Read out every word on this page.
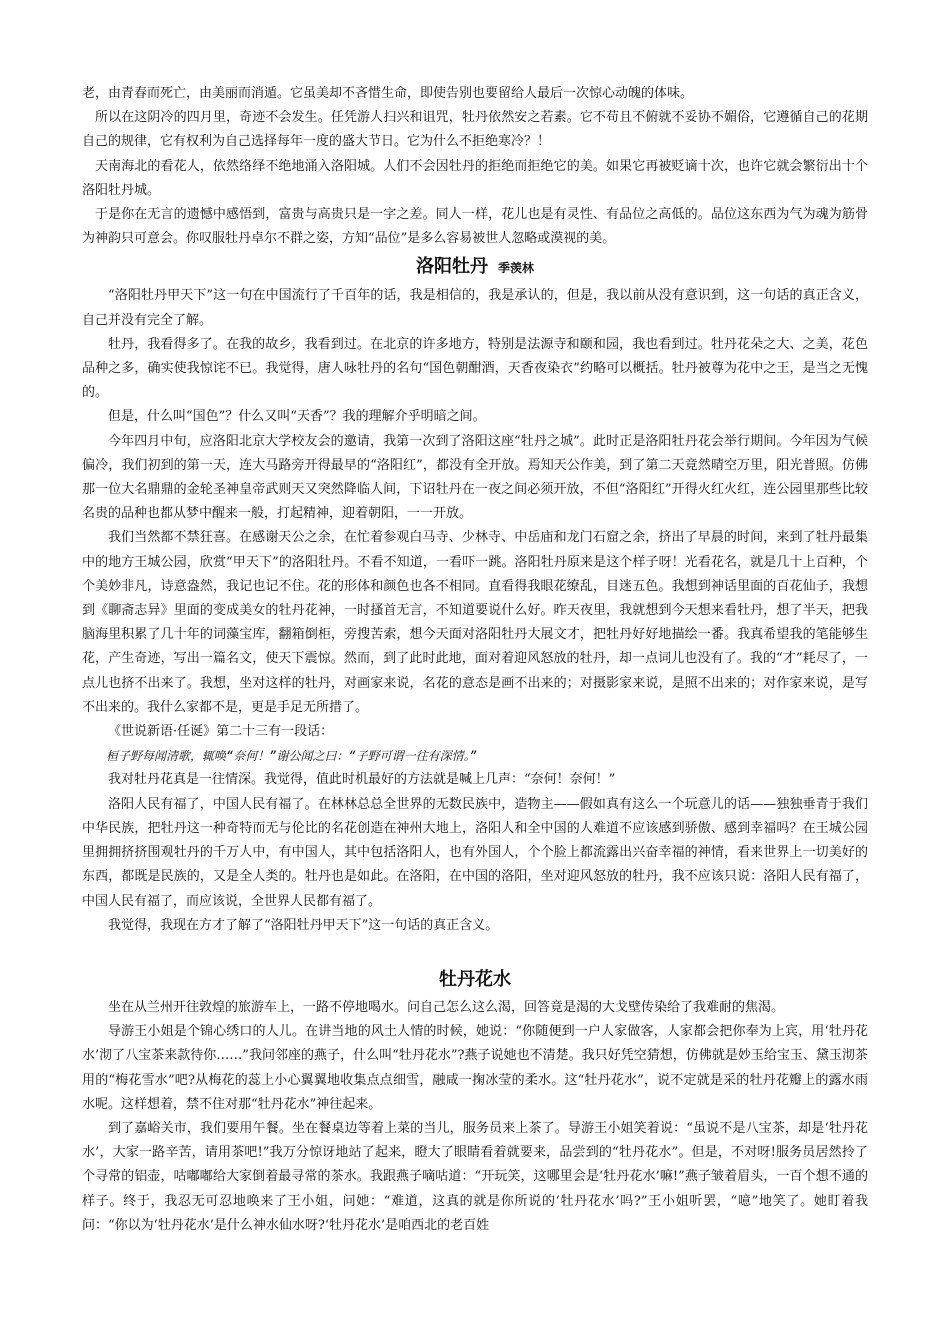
老，由青春而死亡，由美丽而消遁。它虽美却不吝惜生命，即使告别也要留给人最后一次惊心动魄的体味。

所以在这阴冷的四月里，奇迹不会发生。任凭游人扫兴和诅咒，牡丹依然安之若素。它不苟且不俯就不妥协不媚俗，它遵循自己的花期自己的规律，它有权利为自己选择每年一度的盛大节日。它为什么不拒绝寒冷？！

天南海北的看花人，依然络绎不绝地涌入洛阳城。人们不会因牡丹的拒绝而拒绝它的美。如果它再被贬谪十次，也许它就会繁衍出十个洛阳牡丹城。

于是你在无言的遗憾中感悟到，富贵与高贵只是一字之差。同人一样，花儿也是有灵性、有品位之高低的。品位这东西为气为魂为筋骨为神韵只可意会。你叹服牡丹卓尔不群之姿，方知“品位”是多么容易被世人忽略或漠视的美。

洛阳牡丹 季羡林

“洛阳牡丹甲天下”这一句在中国流行了千百年的话，我是相信的，我是承认的，但是，我以前从没有意识到，这一句话的真正含义，自己并没有完全了解。

牡丹，我看得多了。在我的故乡，我看到过。在北京的许多地方，特别是法源寺和颐和园，我也看到过。牡丹花朵之大、之美，花色品种之多，确实使我惊诧不已。我觉得，唐人咏牡丹的名句“国色朝酣酒，天香夜染衣”约略可以概括。牡丹被尊为花中之王，是当之无愧的。

但是，什么叫“国色”？什么又叫“天香”？我的理解介乎明暗之间。

今年四月中旬，应洛阳北京大学校友会的邀请，我第一次到了洛阳这座“牡丹之城”。此时正是洛阳牡丹花会举行期间。今年因为气候偏冷，我们初到的第一天，连大马路旁开得最早的“洛阳红”，都没有全开放。焉知天公作美，到了第二天竟然晴空万里，阳光普照。仿佛那一位大名鼎鼎的金轮圣神皇帝武则天又突然降临人间，下诏牡丹在一夜之间必须开放，不但“洛阳红”开得火红火红，连公园里那些比较名贵的品种也都从梦中醒来一般，打起精神，迎着朝阳，一一开放。

我们当然都不禁狂喜。在感谢天公之余，在忙着参观白马寺、少林寺、中岳庙和龙门石窟之余，挤出了早晨的时间，来到了牡丹最集中的地方王城公园，欣赏“甲天下”的洛阳牡丹。不看不知道，一看吓一跳。洛阳牡丹原来是这个样子呀！光看花名，就是几十上百种，个个美妙非凡，诗意盎然，我记也记不住。花的形体和颜色也各不相同。直看得我眼花缭乱，目迷五色。我想到神话里面的百花仙子，我想到《聊斋志异》里面的变成美女的牡丹花神，一时搔首无言，不知道要说什么好。昨天夜里，我就想到今天想来看牡丹，想了半天，把我脑海里积累了几十年的词藻宝库，翻箱倒柜，旁搜苦索，想今天面对洛阳牡丹大展文才，把牡丹好好地描绘一番。我真希望我的笔能够生花，产生奇迹，写出一篇名文，使天下震惊。然而，到了此时此地，面对着迎风怒放的牡丹，却一点词儿也没有了。我的“才”耗尽了，一点儿也挤不出来了。我想，坐对这样的牡丹，对画家来说，名花的意态是画不出来的；对摄影家来说，是照不出来的；对作家来说，是写不出来的。我什么家都不是，更是手足无所措了。

《世说新语·任诞》第二十三有一段话：

桓子野每闻清歌，辄唤“奈何！”谢公闻之曰：“子野可谓一往有深情。”

我对牡丹花真是一往情深。我觉得，值此时机最好的方法就是喊上几声：“奈何！奈何！”

洛阳人民有福了，中国人民有福了。在林林总总全世界的无数民族中，造物主——假如真有这么一个玩意儿的话——独独垂青于我们中华民族，把牡丹这一种奇特而无与伦比的名花创造在神州大地上，洛阳人和全中国的人难道不应该感到骄傲、感到幸福吗？在王城公园里拥拥挤挤围观牡丹的千万人中，有中国人，其中包括洛阳人，也有外国人，个个脸上都流露出兴奋幸福的神情，看来世界上一切美好的东西，都既是民族的，又是全人类的。牡丹也是如此。在洛阳，在中国的洛阳，坐对迎风怒放的牡丹，我不应该只说：洛阳人民有福了，中国人民有福了，而应该说，全世界人民都有福了。

我觉得，我现在方才了解了“洛阳牡丹甲天下”这一句话的真正含义。

牡丹花水

坐在从兰州开往敦煌的旅游车上，一路不停地喝水。问自己怎么这么渴，回答竟是渴的大戈壁传染给了我难耐的焦渴。

导游王小姐是个锦心绣口的人儿。在讲当地的风土人情的时候，她说：“你随便到一户人家做客，人家都会把你奉为上宾，用‘牡丹花水’沏了八宝茶来款待你……”我问邻座的燕子，什么叫“牡丹花水”?燕子说她也不清楚。我只好凭空猜想，仿佛就是妙玉给宝玉、黛玉沏茶用的“梅花雪水”吧?从梅花的蕊上小心翼翼地收集点点细雪，融咸一掬冰莹的柔水。这“牡丹花水”，说不定就是采的牡丹花瓣上的露水雨水呢。这样想着，禁不住对那“牡丹花水”神往起来。

到了嘉峪关市，我们要用午餐。坐在餐桌边等着上菜的当儿，服务员来上茶了。导游王小姐笑着说：“虽说不是八宝茶，却是‘牡丹花水’，大家一路辛苦，请用茶吧!”我万分惊讶地站了起来，瞪大了眼睛看着就要来，品尝到的“牡丹花水”。但是，不对呀!服务员居然拎了个寻常的铝壶，咕嘟嘟给大家倒着最寻常的茶水。我跟燕子嘀咕道：“开玩笑，这哪里会是‘牡丹花水’嘛!”燕子皱着眉头，一百个想不通的样子。终于，我忍无可忍地唤来了王小姐，问她：“难道，这真的就是你所说的‘牡丹花水’吗?”王小姐听罢，“噫”地笑了。她盯着我问：“你以为‘牡丹花水’是什么神水仙水呀?‘牡丹花水’是咱西北的老百姓
